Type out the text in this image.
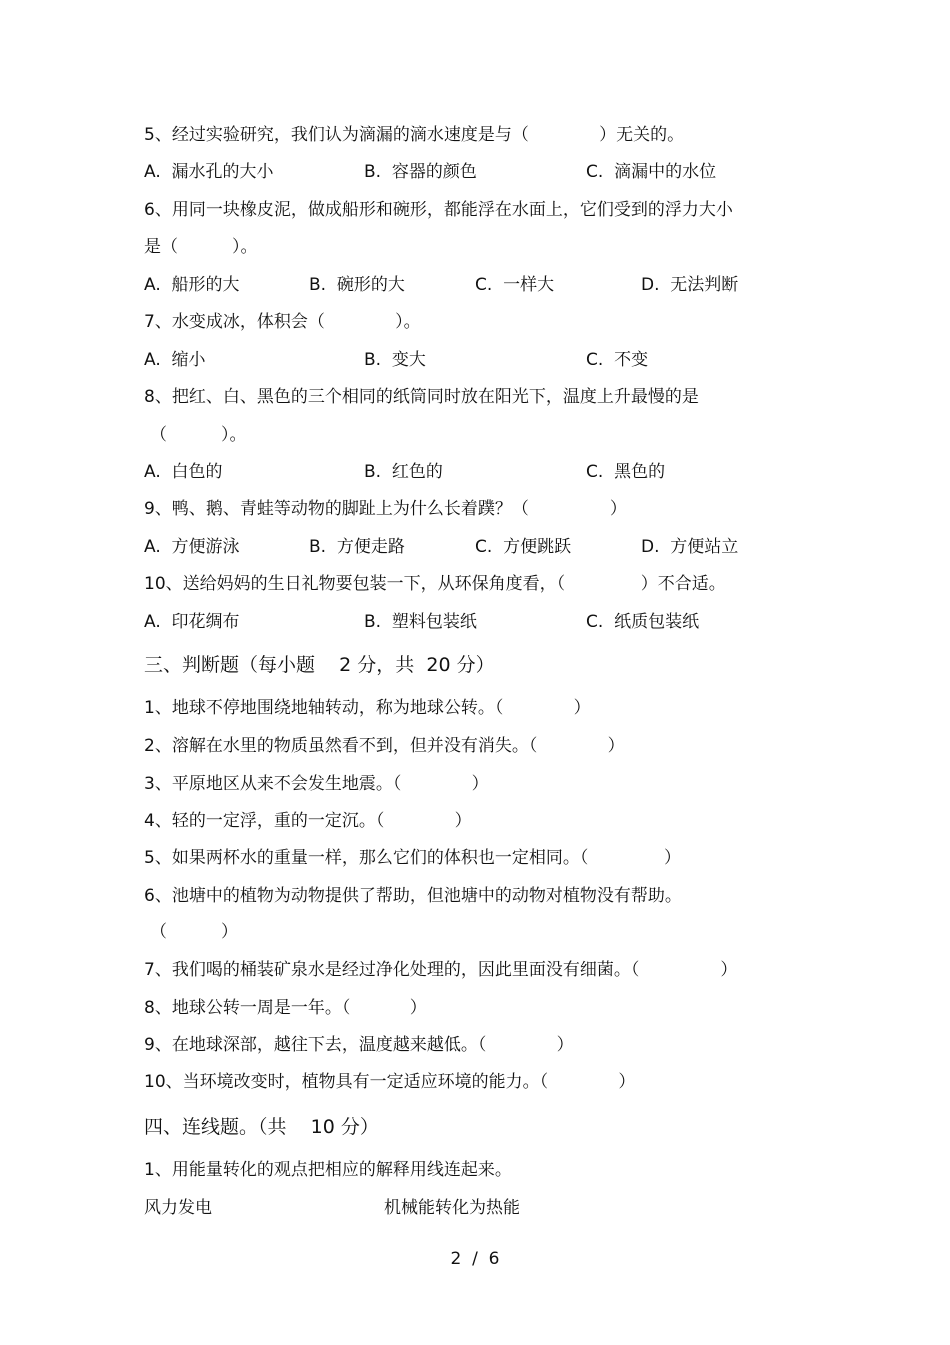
5、经过实验研究，我们认为滴漏的滴水速度是与（             ）无关的。
A.  漏水孔的大小	B.  容器的颜色	C.  滴漏中的水位
6、用同一块橡皮泥，做成船形和碗形，都能浮在水面上，它们受到的浮力大小
是（          ）。
A.  船形的大	B.  碗形的大	C.  一样大	D.  无法判断
7、水变成冰，体积会（             ）。
A.  缩小	B.  变大	C.  不变
8、把红、白、黑色的三个相同的纸筒同时放在阳光下，温度上升最慢的是
（          ）。
A.  白色的	B.  红色的	C.  黑色的
9、鸭、鹅、青蛙等动物的脚趾上为什么长着蹼？（               ）
A.  方便游泳	B.  方便走路	C.  方便跳跃	D.  方便站立
10、送给妈妈的生日礼物要包装一下，从环保角度看，（              ）不合适。
A.  印花绸布	B.  塑料包装纸	C.  纸质包装纸
三、判断题（每小题    2 分，共  20 分）
1、地球不停地围绕地轴转动，称为地球公转。（             ）
2、溶解在水里的物质虽然看不到，但并没有消失。（             ）
3、平原地区从来不会发生地震。（             ）
4、轻的一定浮，重的一定沉。（             ）
5、如果两杯水的重量一样，那么它们的体积也一定相同。（              ）
6、池塘中的植物为动物提供了帮助，但池塘中的动物对植物没有帮助。
（          ）
7、我们喝的桶装矿泉水是经过净化处理的，因此里面没有细菌。（               ）
8、地球公转一周是一年。（           ）
9、在地球深部，越往下去，温度越来越低。（             ）
10、当环境改变时，植物具有一定适应环境的能力。（             ）
四、连线题。（共    10 分）
1、用能量转化的观点把相应的解释用线连起来。
风力发电	机械能转化为热能
2  /  6
